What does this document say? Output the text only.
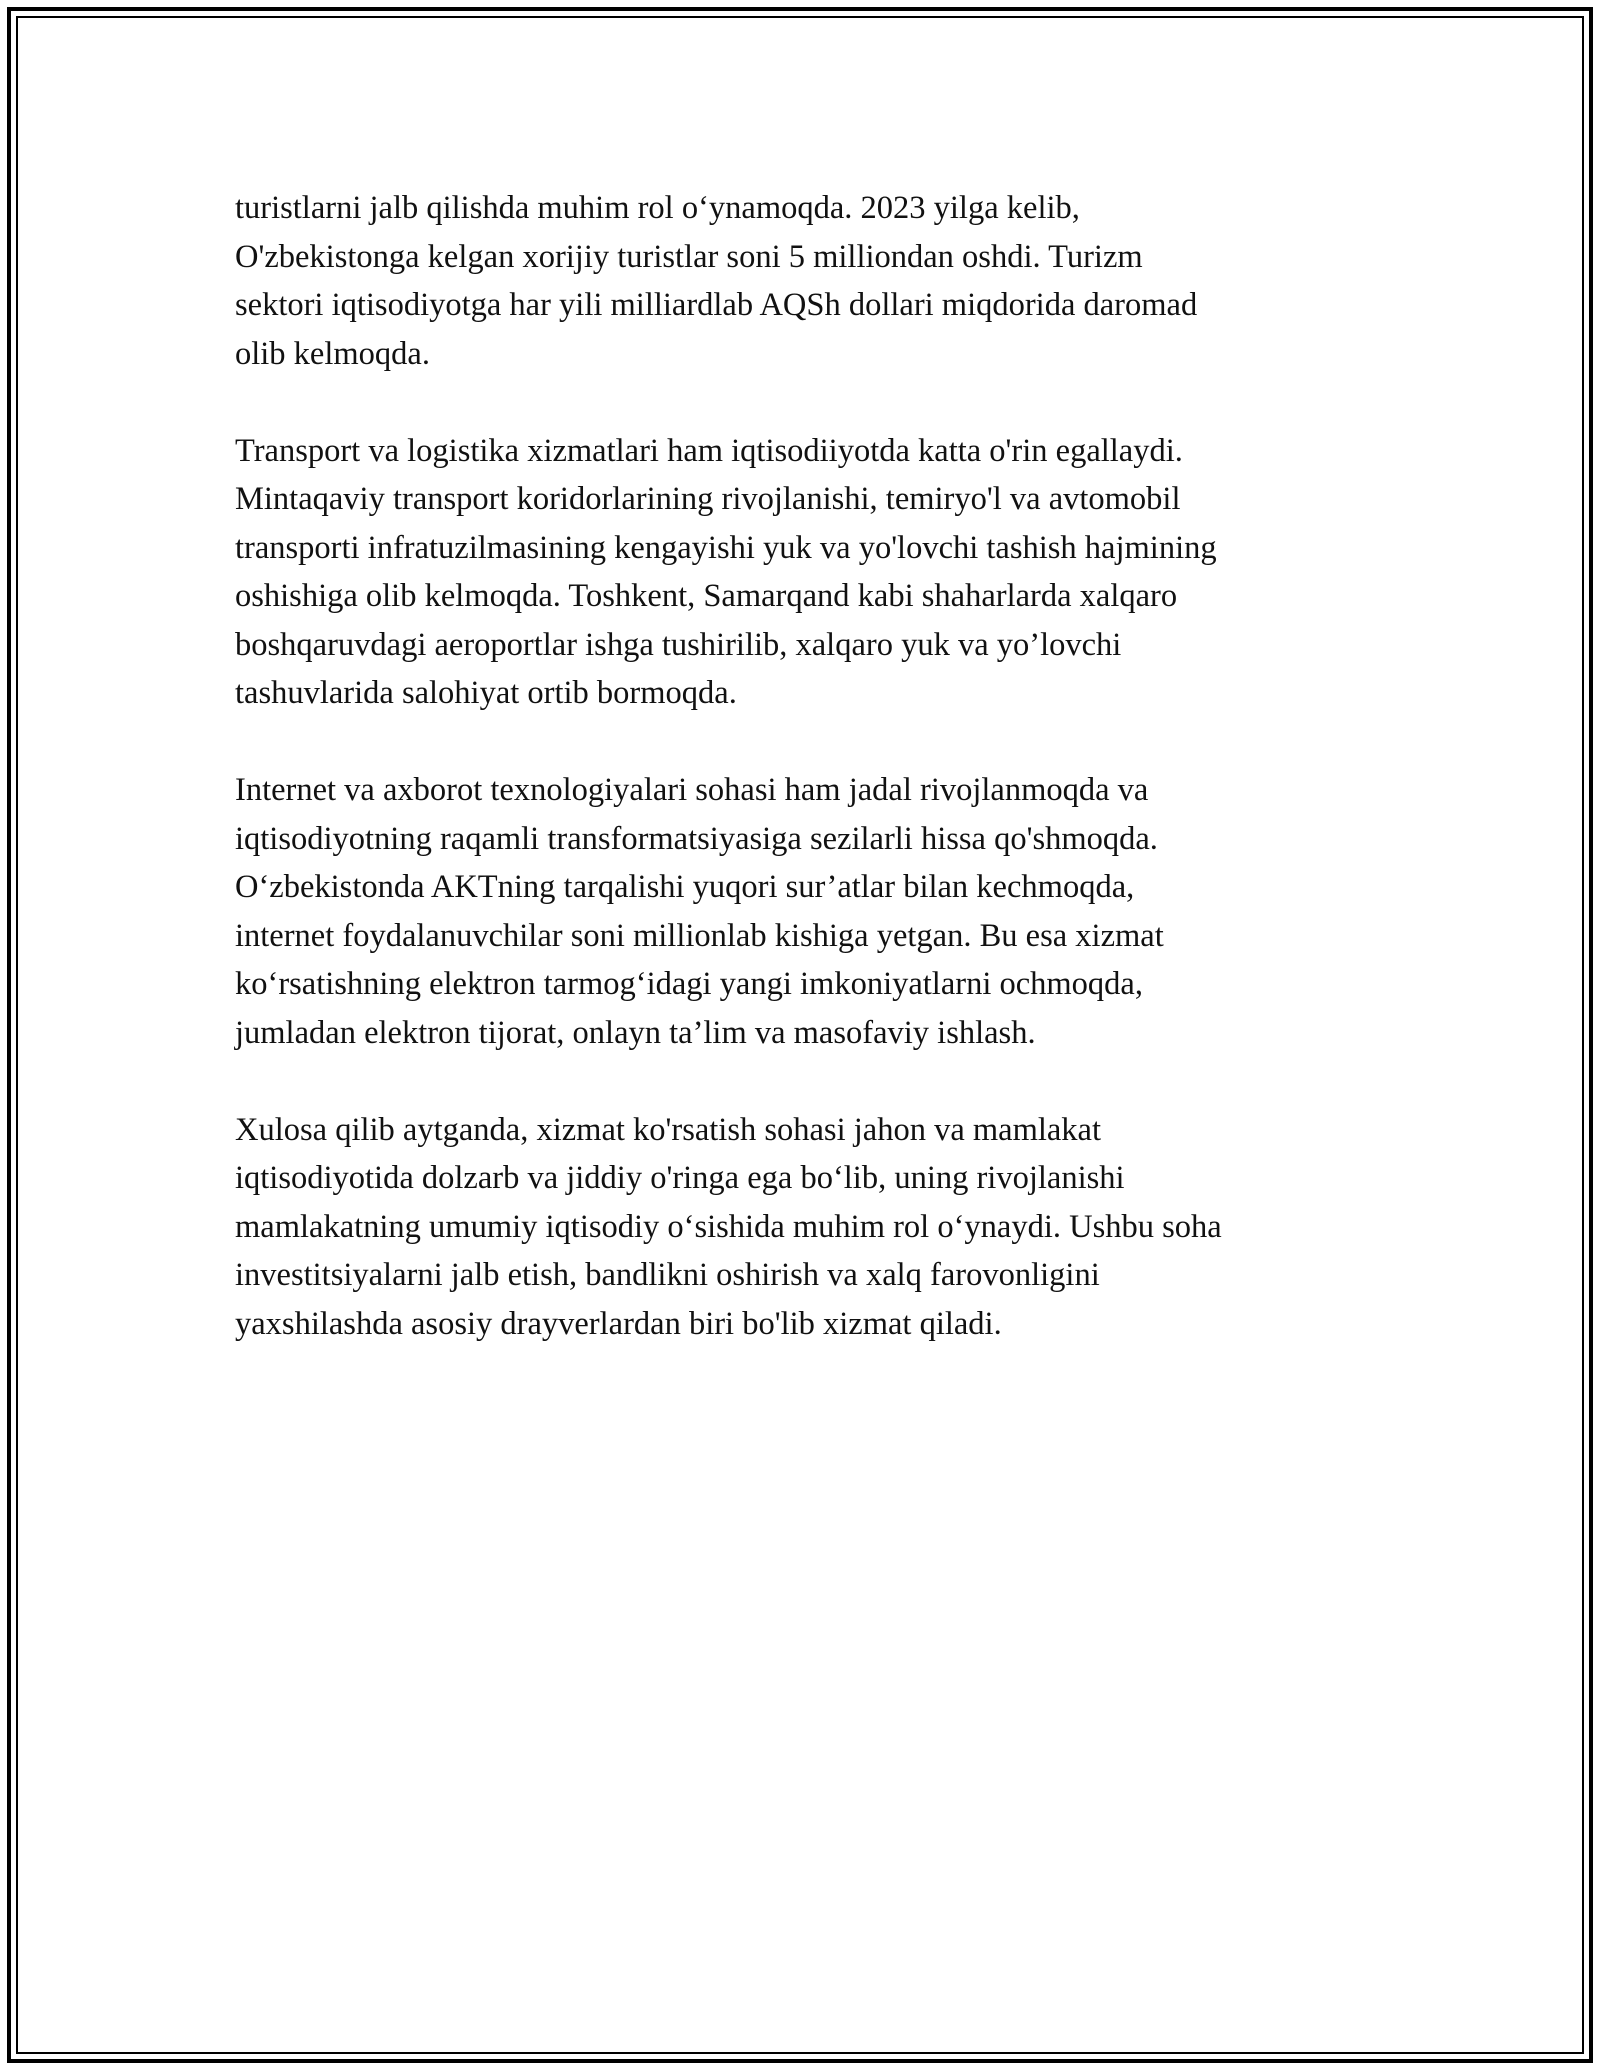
turistlarni jalb qilishda muhim rol o‘ynamoqda. 2023 yilga kelib,
O'zbekistonga kelgan xorijiy turistlar soni 5 milliondan oshdi. Turizm
sektori iqtisodiyotga har yili milliardlab AQSh dollari miqdorida daromad
olib kelmoqda.

Transport va logistika xizmatlari ham iqtisodiiyotda katta o'rin egallaydi.
Mintaqaviy transport koridorlarining rivojlanishi, temiryo'l va avtomobil
transporti infratuzilmasining kengayishi yuk va yo'lovchi tashish hajmining
oshishiga olib kelmoqda. Toshkent, Samarqand kabi shaharlarda xalqaro
boshqaruvdagi aeroportlar ishga tushirilib, xalqaro yuk va yo’lovchi
tashuvlarida salohiyat ortib bormoqda.

Internet va axborot texnologiyalari sohasi ham jadal rivojlanmoqda va
iqtisodiyotning raqamli transformatsiyasiga sezilarli hissa qo'shmoqda.
O‘zbekistonda AKTning tarqalishi yuqori sur’atlar bilan kechmoqda,
internet foydalanuvchilar soni millionlab kishiga yetgan. Bu esa xizmat
ko‘rsatishning elektron tarmog‘idagi yangi imkoniyatlarni ochmoqda,
jumladan elektron tijorat, onlayn ta’lim va masofaviy ishlash.

Xulosa qilib aytganda, xizmat ko'rsatish sohasi jahon va mamlakat
iqtisodiyotida dolzarb va jiddiy o'ringa ega bo‘lib, uning rivojlanishi
mamlakatning umumiy iqtisodiy o‘sishida muhim rol o‘ynaydi. Ushbu soha
investitsiyalarni jalb etish, bandlikni oshirish va xalq farovonligini
yaxshilashda asosiy drayverlardan biri bo'lib xizmat qiladi.
